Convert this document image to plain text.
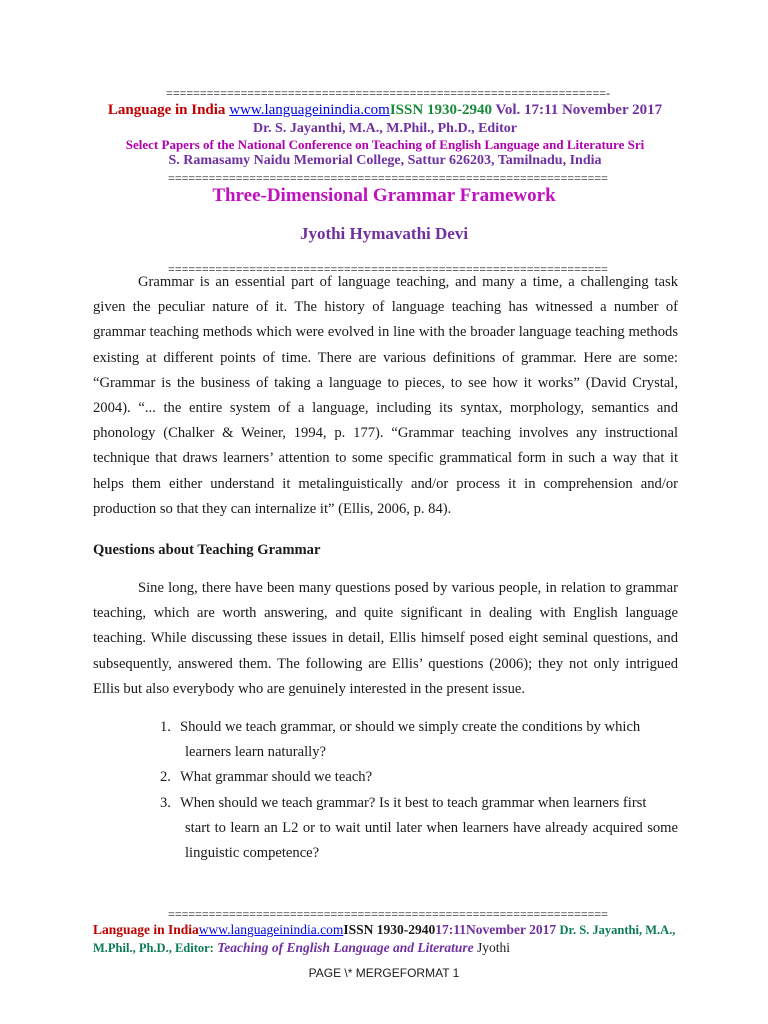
=================================================================-
Language in India www.languageinindia.comISSN 1930-2940 Vol. 17:11 November 2017
Dr. S. Jayanthi, M.A., M.Phil., Ph.D., Editor
Select Papers of the National Conference on Teaching of English Language and Literature Sri
S. Ramasamy Naidu Memorial College, Sattur 626203, Tamilnadu, India
=================================================================
Three-Dimensional Grammar Framework
Jyothi Hymavathi Devi
=================================================================

Grammar is an essential part of language teaching, and many a time, a challenging task given the peculiar nature of it. The history of language teaching has witnessed a number of grammar teaching methods which were evolved in line with the broader language teaching methods existing at different points of time. There are various definitions of grammar. Here are some: “Grammar is the business of taking a language to pieces, to see how it works” (David Crystal, 2004). “... the entire system of a language, including its syntax, morphology, semantics and phonology (Chalker & Weiner, 1994, p. 177). “Grammar teaching involves any instructional technique that draws learners’ attention to some specific grammatical form in such a way that it helps them either understand it metalinguistically and/or process it in comprehension and/or production so that they can internalize it” (Ellis, 2006, p. 84).

Questions about Teaching Grammar

Sine long, there have been many questions posed by various people, in relation to grammar teaching, which are worth answering, and quite significant in dealing with English language teaching. While discussing these issues in detail, Ellis himself posed eight seminal questions, and subsequently, answered them. The following are Ellis’ questions (2006); they not only intrigued Ellis but also everybody who are genuinely interested in the present issue.

1. Should we teach grammar, or should we simply create the conditions by which
learners learn naturally?
2. What grammar should we teach?
3. When should we teach grammar? Is it best to teach grammar when learners first
start to learn an L2 or to wait until later when learners have already acquired some linguistic competence?
=================================================================
Language in Indiawww.languageinindia.comISSN 1930-294017:11November 2017 Dr. S. Jayanthi, M.A., M.Phil., Ph.D., Editor: Teaching of English Language and Literature Jyothi
PAGE \* MERGEFORMAT 1
